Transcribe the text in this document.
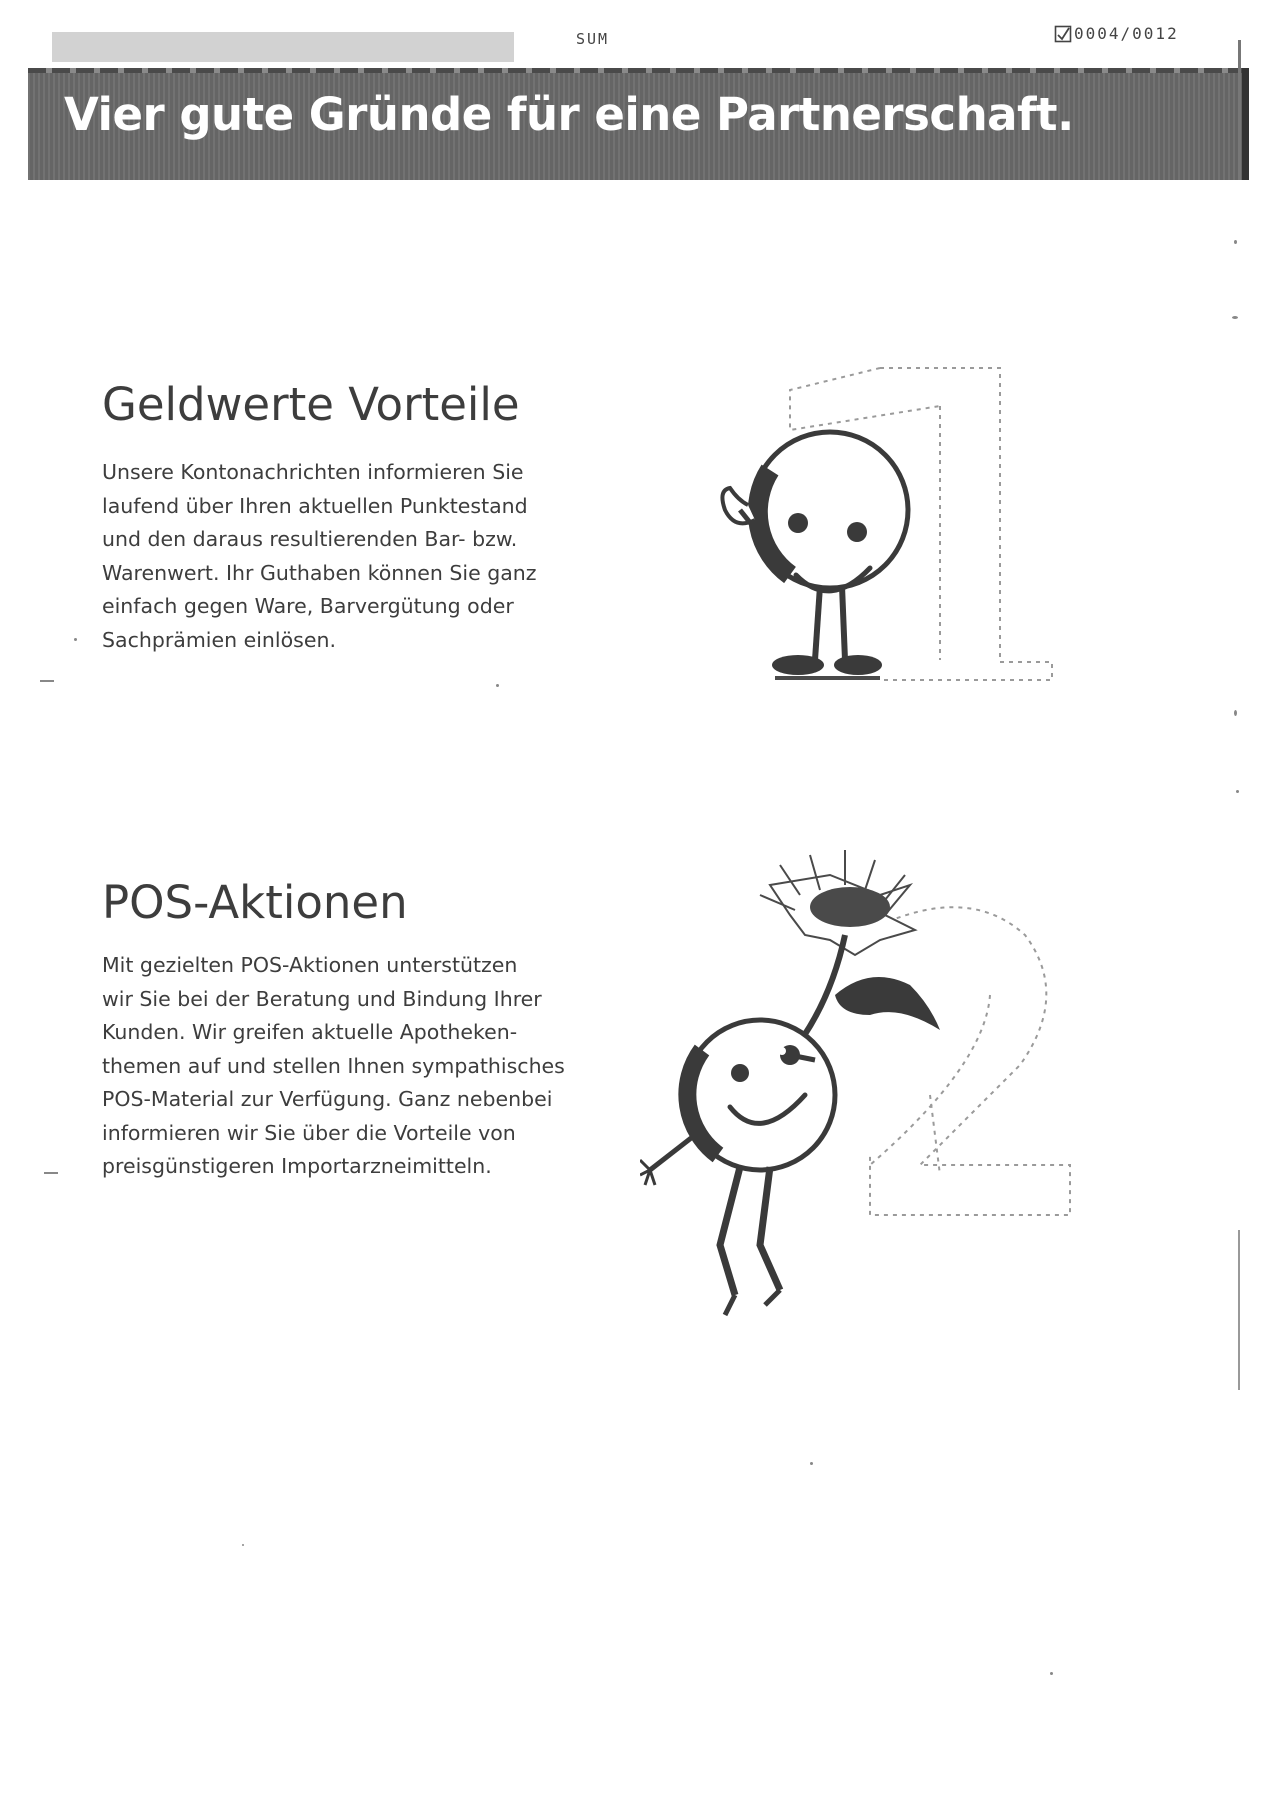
SUM	0004/0012
Vier gute Gründe für eine Partnerschaft.
Geldwerte Vorteile
Unsere Kontonachrichten informieren Sie
laufend über Ihren aktuellen Punktestand
und den daraus resultierenden Bar- bzw.
Warenwert. Ihr Guthaben können Sie ganz
einfach gegen Ware, Barvergütung oder
Sachprämien einlösen.
POS-Aktionen
Mit gezielten POS-Aktionen unterstützen
wir Sie bei der Beratung und Bindung Ihrer
Kunden. Wir greifen aktuelle Apotheken-
themen auf und stellen Ihnen sympathisches
POS-Material zur Verfügung. Ganz nebenbei
informieren wir Sie über die Vorteile von
preisgünstigeren Importarzneimitteln.
